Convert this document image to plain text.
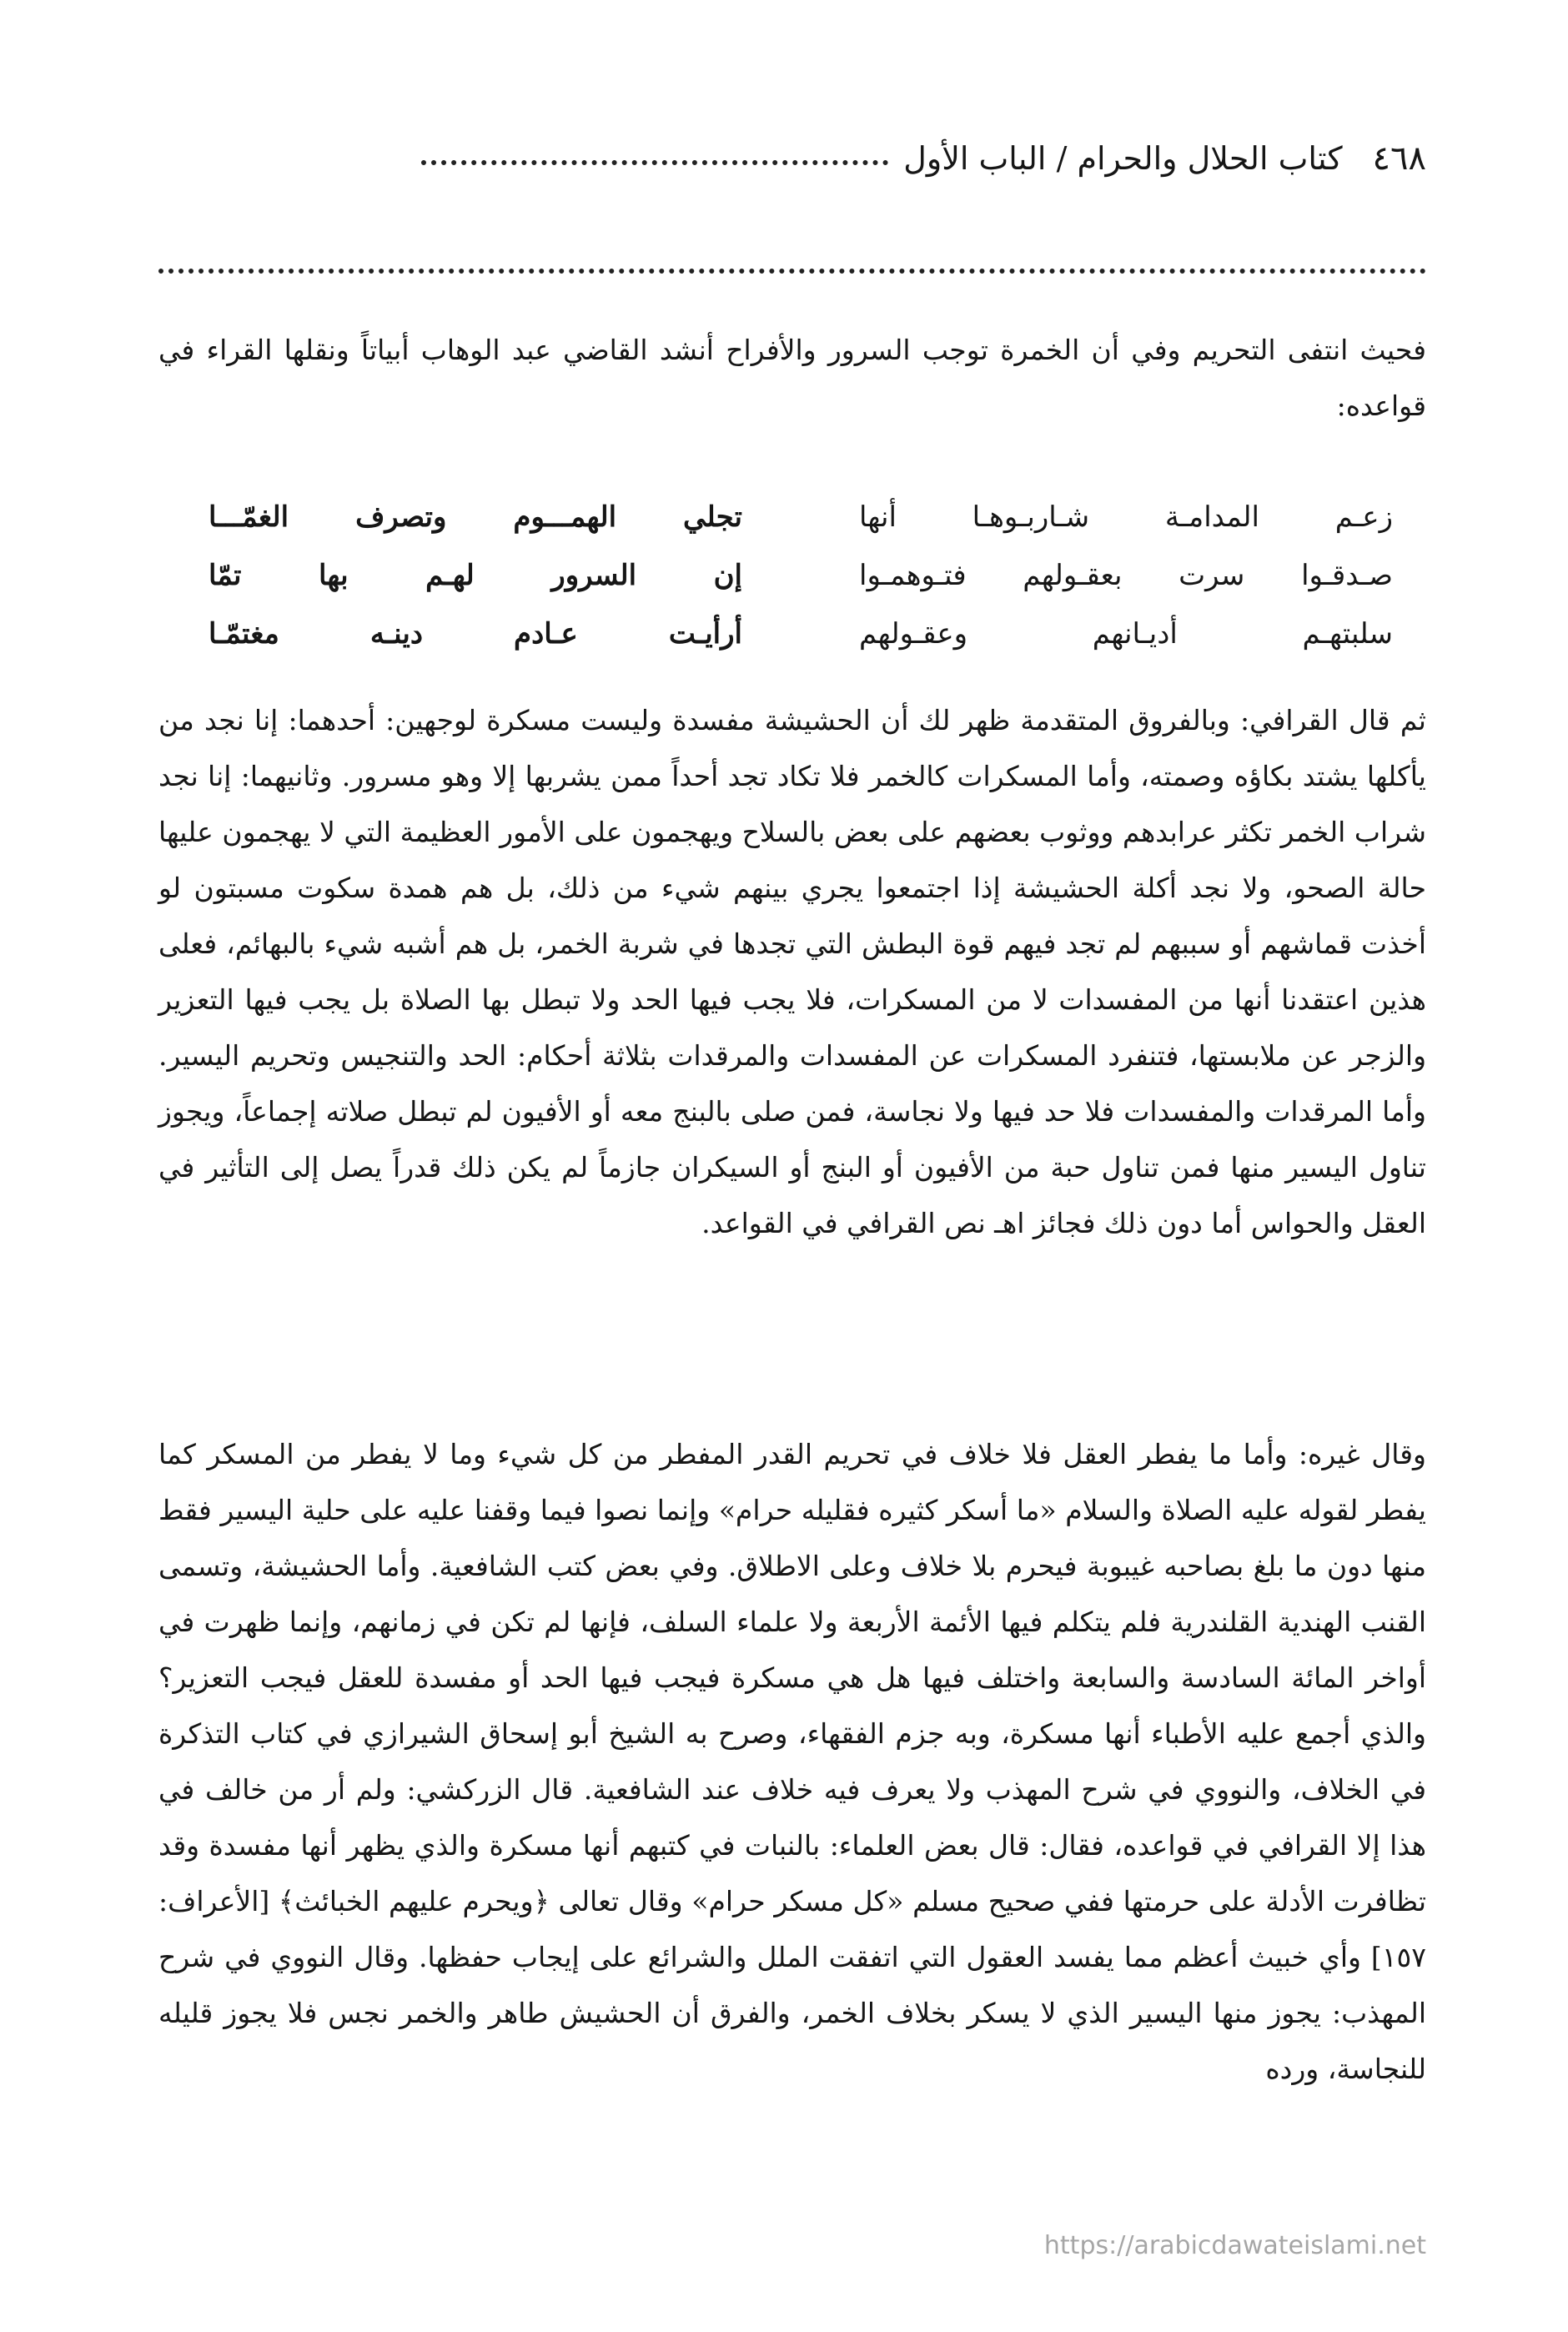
٤٦٨
كتاب الحلال والحرام / الباب الأول

فحيث انتفى التحريم وفي أن الخمرة توجب السرور والأفراح أنشد القاضي عبد الوهاب أبياتاً ونقلها القراء في قواعده:

زعـم المدامـة شـاربـوهـا أنها
تجلي الهمـــوم وتصرف الغمّـــا
صـدقـوا سرت بعقـولهم فتـوهمـوا
إن السرور لهـم بها تمّا
سلبتهـم أديـانهم وعقـولهم
أرأيـت عـادم دينـه مغتمّـا

ثم قال القرافي: وبالفروق المتقدمة ظهر لك أن الحشيشة مفسدة وليست مسكرة لوجهين: أحدهما: إنا نجد من يأكلها يشتد بكاؤه وصمته، وأما المسكرات كالخمر فلا تكاد تجد أحداً ممن يشربها إلا وهو مسرور. وثانيهما: إنا نجد شراب الخمر تكثر عرابدهم ووثوب بعضهم على بعض بالسلاح ويهجمون على الأمور العظيمة التي لا يهجمون عليها حالة الصحو، ولا نجد أكلة الحشيشة إذا اجتمعوا يجري بينهم شيء من ذلك، بل هم همدة سكوت مسبتون لو أخذت قماشهم أو سببهم لم تجد فيهم قوة البطش التي تجدها في شربة الخمر، بل هم أشبه شيء بالبهائم، فعلى هذين اعتقدنا أنها من المفسدات لا من المسكرات، فلا يجب فيها الحد ولا تبطل بها الصلاة بل يجب فيها التعزير والزجر عن ملابستها، فتنفرد المسكرات عن المفسدات والمرقدات بثلاثة أحكام: الحد والتنجيس وتحريم اليسير. وأما المرقدات والمفسدات فلا حد فيها ولا نجاسة، فمن صلى بالبنج معه أو الأفيون لم تبطل صلاته إجماعاً، ويجوز تناول اليسير منها فمن تناول حبة من الأفيون أو البنج أو السيكران جازماً لم يكن ذلك قدراً يصل إلى التأثير في العقل والحواس أما دون ذلك فجائز اهـ نص القرافي في القواعد.

وقال غيره: وأما ما يفطر العقل فلا خلاف في تحريم القدر المفطر من كل شيء وما لا يفطر من المسكر كما يفطر لقوله عليه الصلاة والسلام «ما أسكر كثيره فقليله حرام» وإنما نصوا فيما وقفنا عليه على حلية اليسير فقط منها دون ما بلغ بصاحبه غيبوبة فيحرم بلا خلاف وعلى الاطلاق. وفي بعض كتب الشافعية. وأما الحشيشة، وتسمى القنب الهندية القلندرية فلم يتكلم فيها الأئمة الأربعة ولا علماء السلف، فإنها لم تكن في زمانهم، وإنما ظهرت في أواخر المائة السادسة والسابعة واختلف فيها هل هي مسكرة فيجب فيها الحد أو مفسدة للعقل فيجب التعزير؟ والذي أجمع عليه الأطباء أنها مسكرة، وبه جزم الفقهاء، وصرح به الشيخ أبو إسحاق الشيرازي في كتاب التذكرة في الخلاف، والنووي في شرح المهذب ولا يعرف فيه خلاف عند الشافعية. قال الزركشي: ولم أر من خالف في هذا إلا القرافي في قواعده، فقال: قال بعض العلماء: بالنبات في كتبهم أنها مسكرة والذي يظهر أنها مفسدة وقد تظافرت الأدلة على حرمتها ففي صحيح مسلم «كل مسكر حرام» وقال تعالى ﴿ويحرم عليهم الخبائث﴾ [الأعراف: ١٥٧] وأي خبيث أعظم مما يفسد العقول التي اتفقت الملل والشرائع على إيجاب حفظها. وقال النووي في شرح المهذب: يجوز منها اليسير الذي لا يسكر بخلاف الخمر، والفرق أن الحشيش طاهر والخمر نجس فلا يجوز قليله للنجاسة، ورده

https://arabicdawateislami.net
